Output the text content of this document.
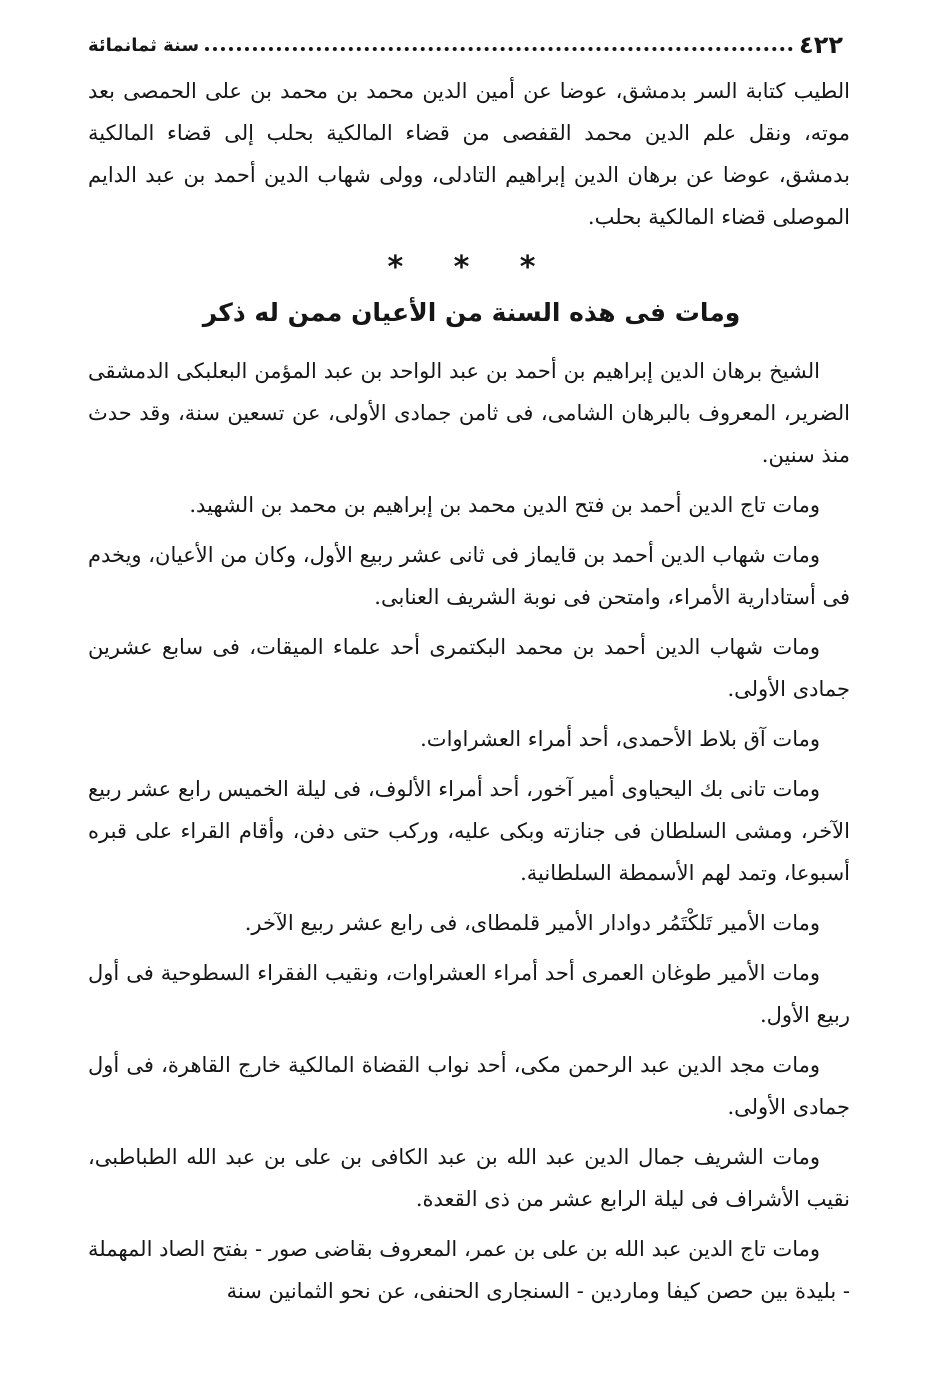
٤٢٢
سنة ثمانمائة
الطيب كتابة السر بدمشق، عوضا عن أمين الدين محمد بن محمد بن على الحمصى بعد موته، ونقل علم الدين محمد القفصى من قضاء المالكية بحلب إلى قضاء المالكية بدمشق، عوضا عن برهان الدين إبراهيم التادلى، وولى شهاب الدين أحمد بن عبد الدايم الموصلى قضاء المالكية بحلب.
* * *
ومات فى هذه السنة من الأعيان ممن له ذكر

الشيخ برهان الدين إبراهيم بن أحمد بن عبد الواحد بن عبد المؤمن البعلبكى الدمشقى الضرير، المعروف بالبرهان الشامى، فى ثامن جمادى الأولى، عن تسعين سنة، وقد حدث منذ سنين.

ومات تاج الدين أحمد بن فتح الدين محمد بن إبراهيم بن محمد بن الشهيد.

ومات شهاب الدين أحمد بن قايماز فى ثانى عشر ربيع الأول، وكان من الأعيان، ويخدم فى أستادارية الأمراء، وامتحن فى نوبة الشريف العنابى.

ومات شهاب الدين أحمد بن محمد البكتمرى أحد علماء الميقات، فى سابع عشرين جمادى الأولى.

ومات آق بلاط الأحمدى، أحد أمراء العشراوات.

ومات تانى بك اليحياوى أمير آخور، أحد أمراء الألوف، فى ليلة الخميس رابع عشر ربيع الآخر، ومشى السلطان فى جنازته وبكى عليه، وركب حتى دفن، وأقام القراء على قبره أسبوعا، وتمد لهم الأسمطة السلطانية.

ومات الأمير تَلكْتَمُر دوادار الأمير قلمطاى، فى رابع عشر ربيع الآخر.

ومات الأمير طوغان العمرى أحد أمراء العشراوات، ونقيب الفقراء السطوحية فى أول ربيع الأول.

ومات مجد الدين عبد الرحمن مكى، أحد نواب القضاة المالكية خارج القاهرة، فى أول جمادى الأولى.

ومات الشريف جمال الدين عبد الله بن عبد الكافى بن على بن عبد الله الطباطبى، نقيب الأشراف فى ليلة الرابع عشر من ذى القعدة.

ومات تاج الدين عبد الله بن على بن عمر، المعروف بقاضى صور - بفتح الصاد المهملة - بليدة بين حصن كيفا وماردين - السنجارى الحنفى، عن نحو الثمانين سنة
